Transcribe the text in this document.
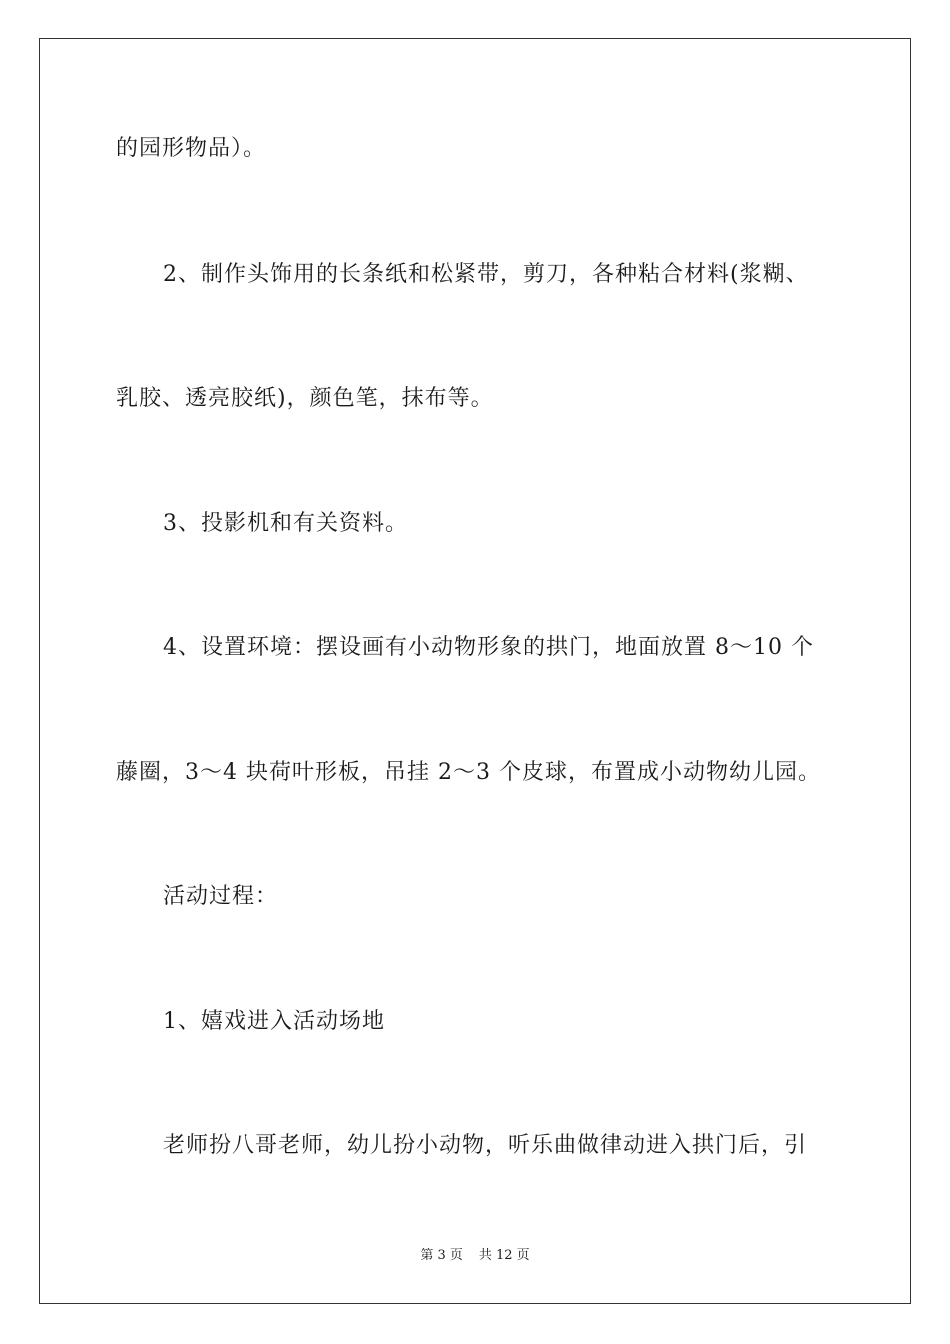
的园形物品）。
2、制作头饰用的长条纸和松紧带，剪刀，各种粘合材料(浆糊、
乳胶、透亮胶纸)，颜色笔，抹布等。
3、投影机和有关资料。
4、设置环境：摆设画有小动物形象的拱门，地面放置 8～10 个
藤圈，3～4 块荷叶形板，吊挂 2～3 个皮球，布置成小动物幼儿园。
活动过程：
1、嬉戏进入活动场地
老师扮八哥老师，幼儿扮小动物，听乐曲做律动进入拱门后，引
第 3 页 共 12 页
